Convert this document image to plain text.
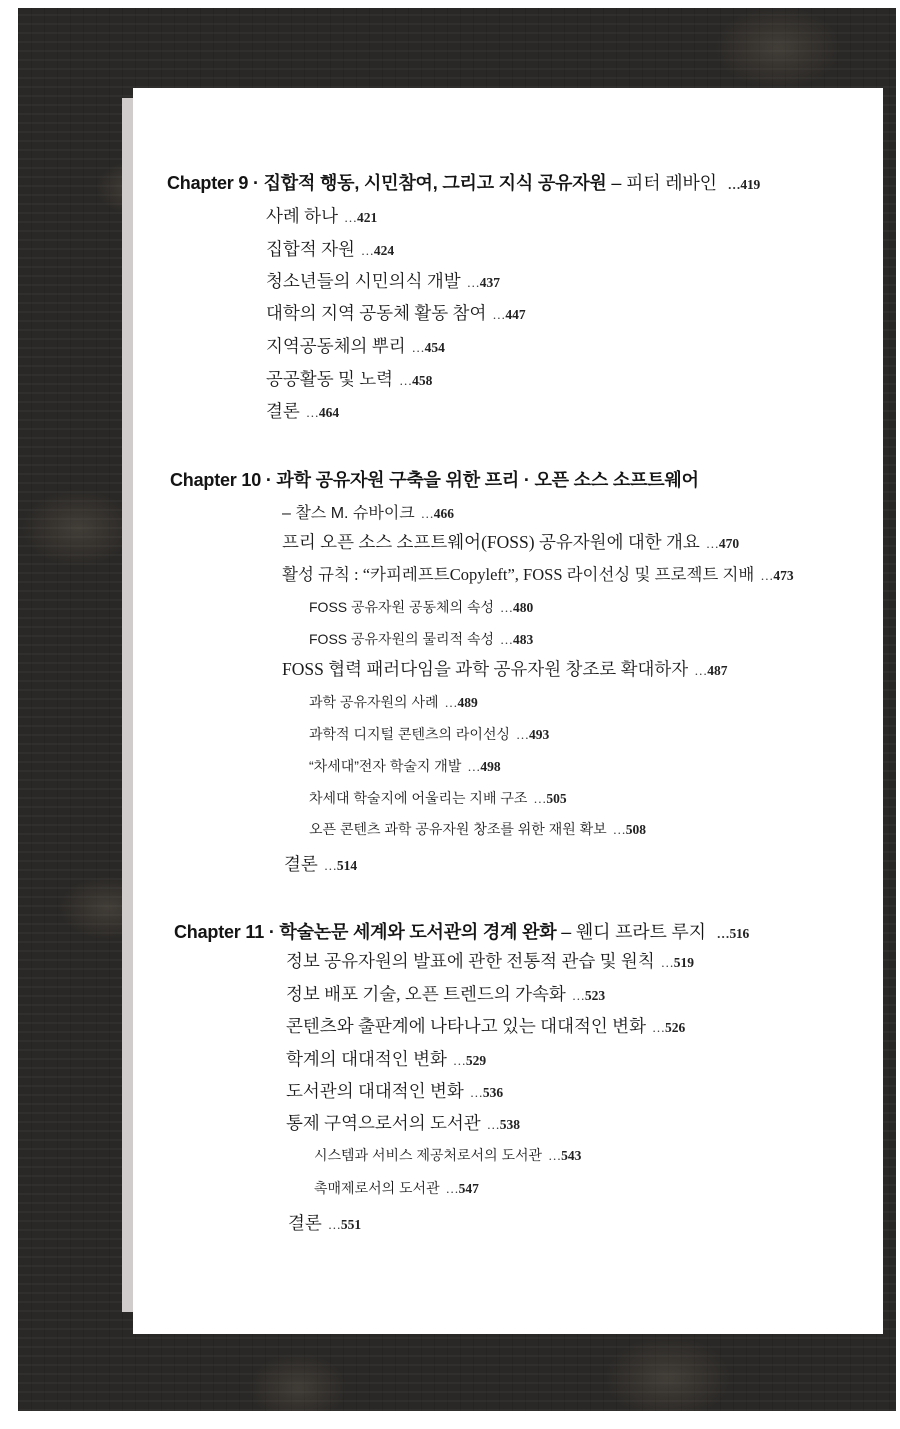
Chapter 9 · 집합적 행동, 시민참여, 그리고 지식 공유자원 – 피터 레바인 …419
사례 하나 …421
집합적 자원 …424
청소년들의 시민의식 개발 …437
대학의 지역 공동체 활동 참여 …447
지역공동체의 뿌리 …454
공공활동 및 노력 …458
결론 …464
Chapter 10 · 과학 공유자원 구축을 위한 프리 · 오픈 소스 소프트웨어
– 찰스 M. 슈바이크 …466
프리 오픈 소스 소프트웨어(FOSS) 공유자원에 대한 개요 …470
활성 규칙 : “카피레프트Copyleft”, FOSS 라이선싱 및 프로젝트 지배 …473
FOSS 공유자원 공동체의 속성 …480
FOSS 공유자원의 물리적 속성 …483
FOSS 협력 패러다임을 과학 공유자원 창조로 확대하자 …487
과학 공유자원의 사례 …489
과학적 디지털 콘텐츠의 라이선싱 …493
“차세대”전자 학술지 개발 …498
차세대 학술지에 어울리는 지배 구조 …505
오픈 콘텐츠 과학 공유자원 창조를 위한 재원 확보 …508
결론 …514
Chapter 11 · 학술논문 세계와 도서관의 경계 완화 – 웬디 프라트 루지 …516
정보 공유자원의 발표에 관한 전통적 관습 및 원칙 …519
정보 배포 기술, 오픈 트렌드의 가속화 …523
콘텐츠와 출판계에 나타나고 있는 대대적인 변화 …526
학계의 대대적인 변화 …529
도서관의 대대적인 변화 …536
통제 구역으로서의 도서관 …538
시스템과 서비스 제공처로서의 도서관 …543
촉매제로서의 도서관 …547
결론 …551
